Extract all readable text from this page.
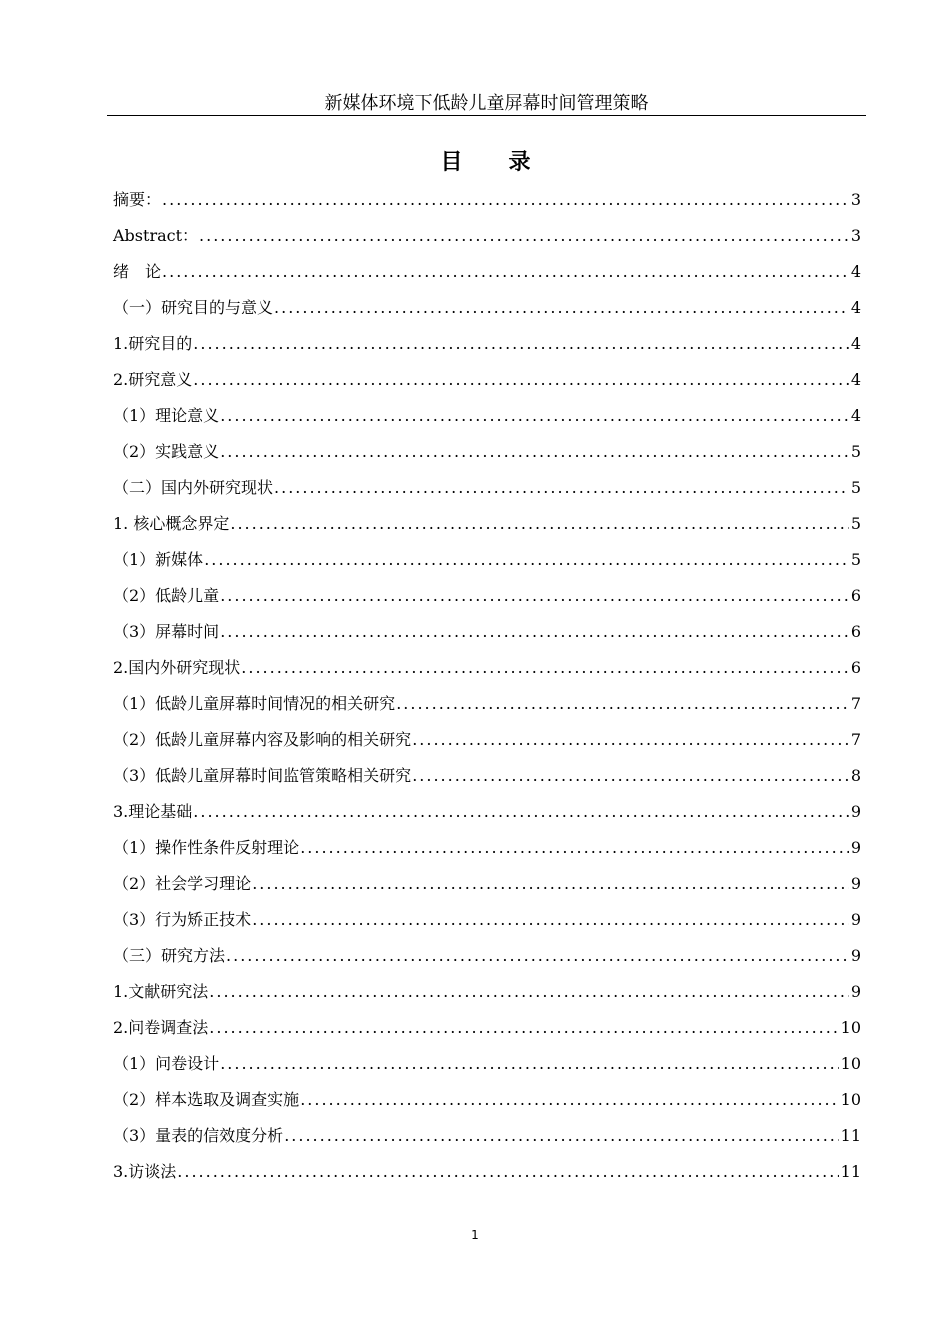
新媒体环境下低龄儿童屏幕时间管理策略
目 录
摘要： .....	3
Abstract： .....	3
绪　论 .....	4
（一）研究目的与意义 .....	4
1.研究目的 .....	4
2.研究意义 .....	4
（1）理论意义 .....	4
（2）实践意义 .....	5
（二）国内外研究现状 .....	5
1. 核心概念界定 .....	5
（1）新媒体 .....	5
（2）低龄儿童 .....	6
（3）屏幕时间 .....	6
2.国内外研究现状 .....	6
（1）低龄儿童屏幕时间情况的相关研究 .....	7
（2）低龄儿童屏幕内容及影响的相关研究 .....	7
（3）低龄儿童屏幕时间监管策略相关研究 .....	8
3.理论基础 .....	9
（1）操作性条件反射理论 .....	9
（2）社会学习理论 .....	9
（3）行为矫正技术 .....	9
（三）研究方法 .....	9
1.文献研究法 .....	9
2.问卷调查法 .....	10
（1）问卷设计 .....	10
（2）样本选取及调查实施 .....	10
（3）量表的信效度分析 .....	11
3.访谈法 .....	11
1
